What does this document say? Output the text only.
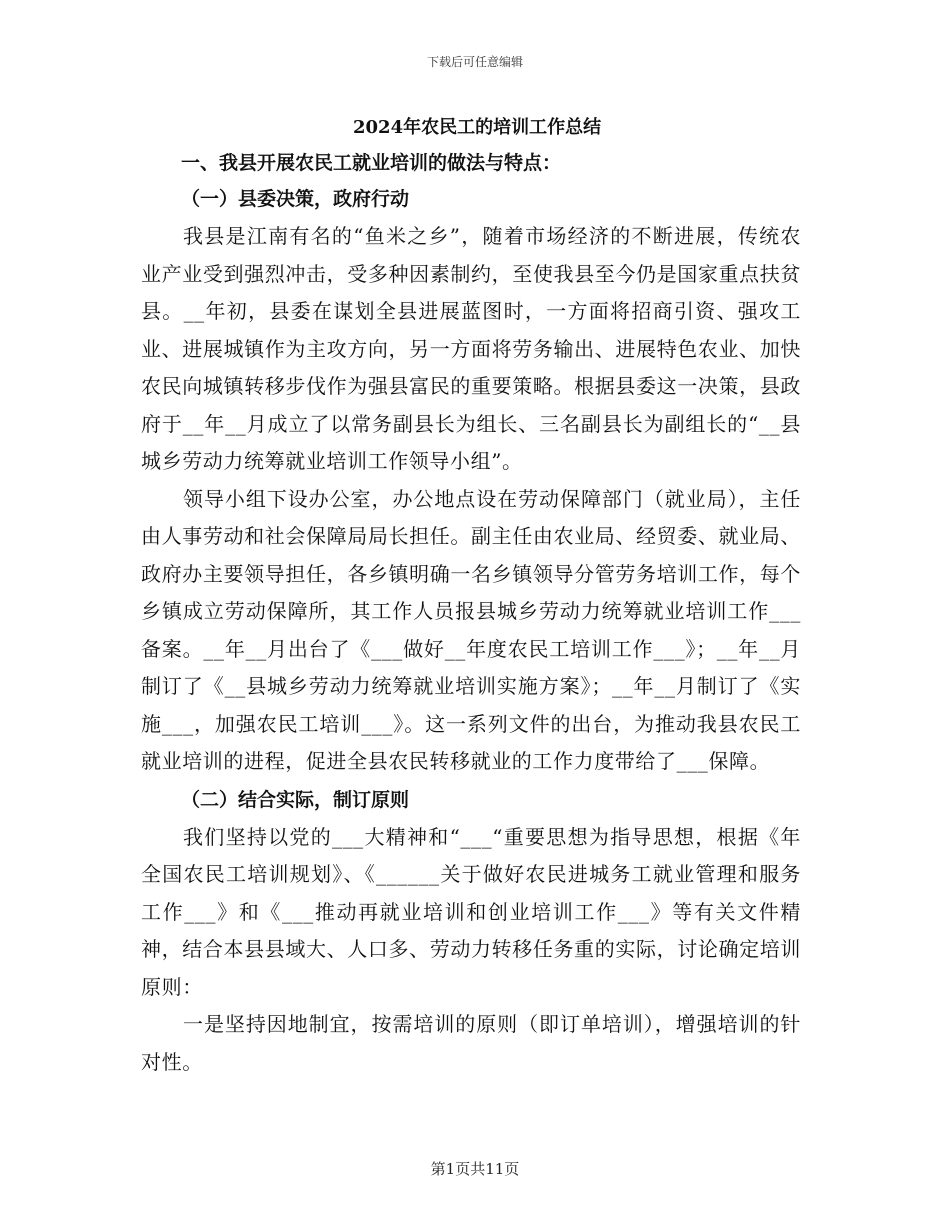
下载后可任意编辑
2024年农民工的培训工作总结
一、我县开展农民工就业培训的做法与特点：
（一）县委决策，政府行动

我县是江南有名的“鱼米之乡”，随着市场经济的不断进展，传统农业产业受到强烈冲击，受多种因素制约，至使我县至今仍是国家重点扶贫县。__年初，县委在谋划全县进展蓝图时，一方面将招商引资、强攻工业、进展城镇作为主攻方向，另一方面将劳务输出、进展特色农业、加快农民向城镇转移步伐作为强县富民的重要策略。根据县委这一决策，县政府于__年__月成立了以常务副县长为组长、三名副县长为副组长的“__县城乡劳动力统筹就业培训工作领导小组”。

领导小组下设办公室，办公地点设在劳动保障部门（就业局），主任由人事劳动和社会保障局局长担任。副主任由农业局、经贸委、就业局、政府办主要领导担任，各乡镇明确一名乡镇领导分管劳务培训工作，每个乡镇成立劳动保障所，其工作人员报县城乡劳动力统筹就业培训工作___备案。__年__月出台了《___做好__年度农民工培训工作___》；__年__月制订了《__县城乡劳动力统筹就业培训实施方案》；__年__月制订了《实施___，加强农民工培训___》。这一系列文件的出台，为推动我县农民工就业培训的进程，促进全县农民转移就业的工作力度带给了___保障。

（二）结合实际，制订原则

我们坚持以党的___大精神和“___“重要思想为指导思想，根据《年全国农民工培训规划》、《______关于做好农民进城务工就业管理和服务工作___》和《___推动再就业培训和创业培训工作___》等有关文件精神，结合本县县域大、人口多、劳动力转移任务重的实际，讨论确定培训原则：

一是坚持因地制宜，按需培训的原则（即订单培训），增强培训的针对性。

第1页共11页
